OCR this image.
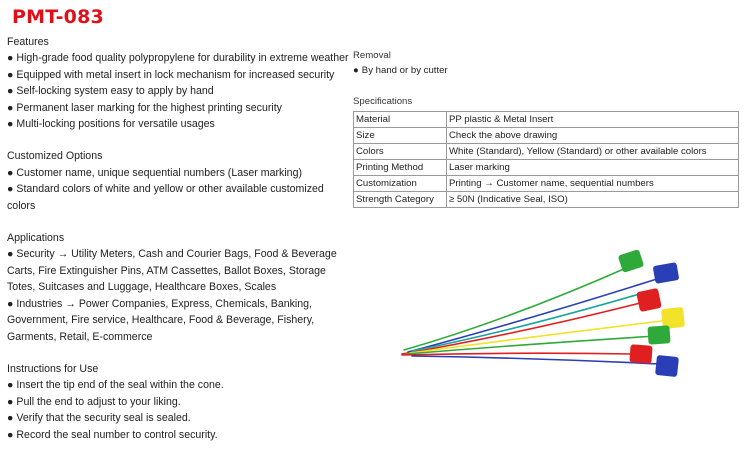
PMT-083
Features
● High-grade food quality polypropylene for durability in extreme weather
● Equipped with metal insert in lock mechanism for increased security
● Self-locking system easy to apply by hand
● Permanent laser marking for the highest printing security
● Multi-locking positions for versatile usages
Customized Options
● Customer name, unique sequential numbers (Laser marking)
● Standard colors of white and yellow or other available customized colors
Applications
● Security → Utility Meters, Cash and Courier Bags, Food & Beverage Carts, Fire Extinguisher Pins, ATM Cassettes, Ballot Boxes, Storage Totes, Suitcases and Luggage, Healthcare Boxes, Scales
● Industries → Power Companies, Express, Chemicals, Banking, Government, Fire service, Healthcare, Food & Beverage, Fishery, Garments, Retail, E-commerce
Instructions for Use
● Insert the tip end of the seal within the cone.
● Pull the end to adjust to your liking.
● Verify that the security seal is sealed.
● Record the seal number to control security.
Removal
● By hand or by cutter
Specifications
Material	PP plastic & Metal Insert
Size	Check the above drawing
Colors	White (Standard), Yellow (Standard) or other available colors
Printing Method	Laser marking
Customization	Printing → Customer name, sequential numbers
Strength Category	≥ 50N (Indicative Seal, ISO)
